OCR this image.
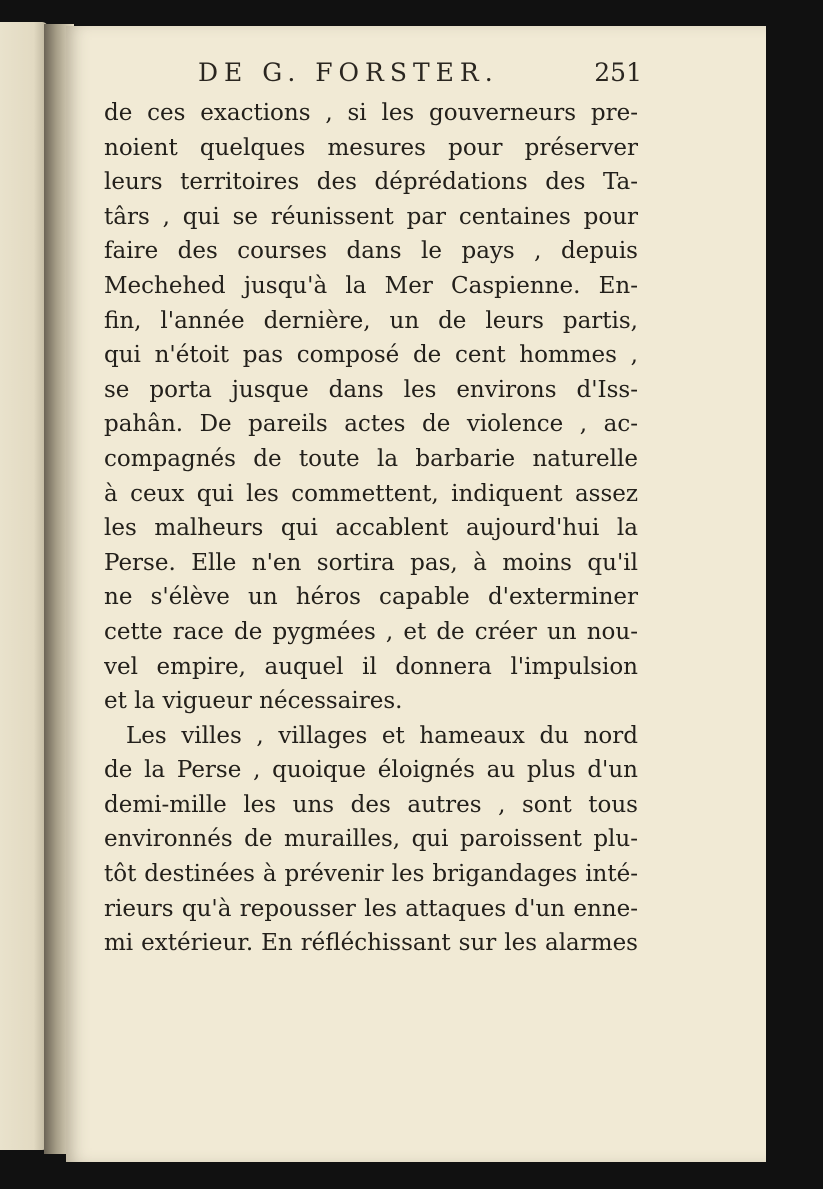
DE G. FORSTER.	251
de ces exactions , si les gouverneurs pre-
noient quelques mesures pour préserver
leurs territoires des déprédations des Ta-
târs , qui se réunissent par centaines pour
faire des courses dans le pays , depuis
Mechehed jusqu'à la Mer Caspienne. En-
fin, l'année dernière, un de leurs partis,
qui n'étoit pas composé de cent hommes ,
se porta jusque dans les environs d'Iss-
pahân. De pareils actes de violence , ac-
compagnés de toute la barbarie naturelle
à ceux qui les commettent, indiquent assez
les malheurs qui accablent aujourd'hui la
Perse. Elle n'en sortira pas, à moins qu'il
ne s'élève un héros capable d'exterminer
cette race de pygmées , et de créer un nou-
vel empire, auquel il donnera l'impulsion
et la vigueur nécessaires.
Les villes , villages et hameaux du nord
de la Perse , quoique éloignés au plus d'un
demi-mille les uns des autres , sont tous
environnés de murailles, qui paroissent plu-
tôt destinées à prévenir les brigandages inté-
rieurs qu'à repousser les attaques d'un enne-
mi extérieur. En réfléchissant sur les alarmes
